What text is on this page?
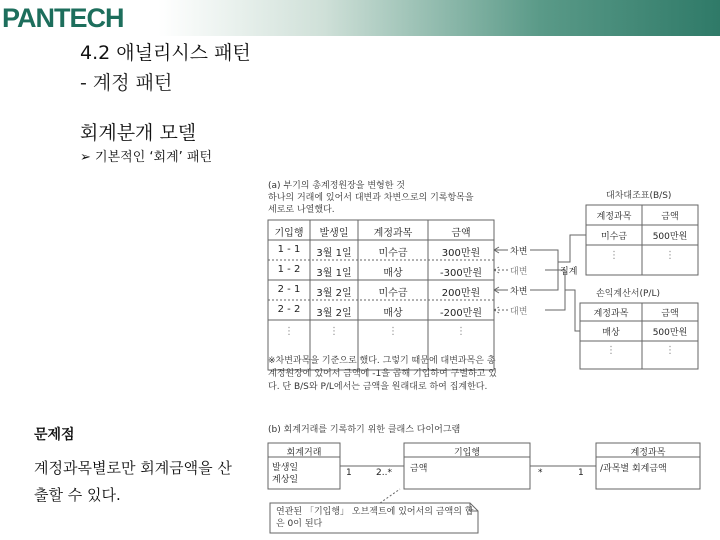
PANTECH
4.2 애널리시스 패턴
- 계정 패턴
회계분개 모델
➢ 기본적인 ‘회계’ 패턴
문제점
계정과목별로만 회계금액을 산출할 수 있다.
(a) 부기의 총계정원장을 변형한 것
하나의 거래에 있어서 대변과 차변으로의 기록항목을
세로로 나열했다.
기입행	발생일	계정과목	금액
1 - 1	3월 1일	미수금	300만원
1 - 2	3월 1일	매상	-300만원
2 - 1	3월 2일	미수금	200만원
2 - 2	3월 2일	매상	-200만원
⋮	⋮	⋮	⋮
차변
대변
차변
대변
집계
대차대조표(B/S)
계정과목	금액
미수금	500만원
⋮	⋮
손익계산서(P/L)
계정과목	금액
매상	500만원
⋮	⋮
※차변과목을 기준으로 했다. 그렇기 때문에 대변과목은 총계정원장에 있어서 금액에 -1을 곱해 기입하여 구별하고 있다. 단 B/S와 P/L에서는 금액을 원래대로 하여 집계한다.
(b) 회계거래를 기록하기 위한 클래스 다이어그램
회계거래
발생일
계상일
기입행
금액
계정과목
/과목별 회계금액
1	2..*	*	1
연관된 「기입행」 오브젝트에 있어서의 금액의 합은 0이 된다
